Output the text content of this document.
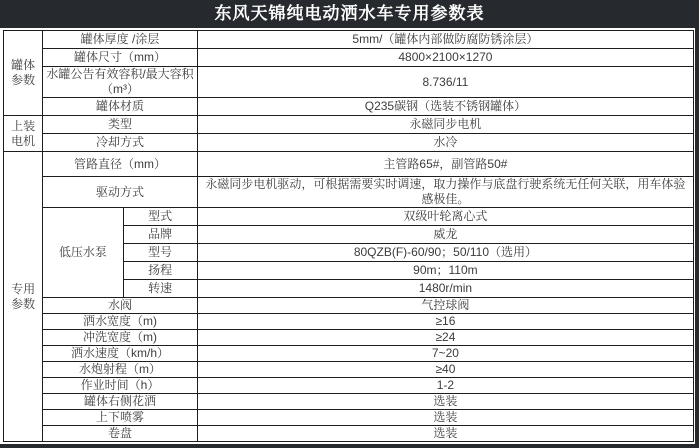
东风天锦纯电动洒水车专用参数表
罐体参数	罐体厚度 /涂层		5mm/（罐体内部做防腐防锈涂层）
	罐体尺寸（mm）		4800×2100×1270
	水罐公告有效容积/最大容积（m³）		8.736/11
	罐体材质		Q235碳钢（选装不锈钢罐体）
上装电机	类型		永磁同步电机
	冷却方式		水冷
专用参数	管路直径（mm）		主管路65#，副管路50#
	驱动方式		永磁同步电机驱动，可根据需要实时调速，取力操作与底盘行驶系统无任何关联，用车体验感极佳。
	低压水泵	型式	双级叶轮离心式
		品牌	威龙
		型号	80QZB(F)-60/90；50/110（选用）
		扬程	90m；110m
		转速	1480r/min
	水阀		气控球阀
	洒水宽度（m)		≥16
	冲洗宽度（m)		≥24
	洒水速度（km/h）		7~20
	水炮射程（m）		≥40
	作业时间（h）		1-2
	罐体右侧花洒		选装
	上下喷雾		选装
	卷盘		选装
